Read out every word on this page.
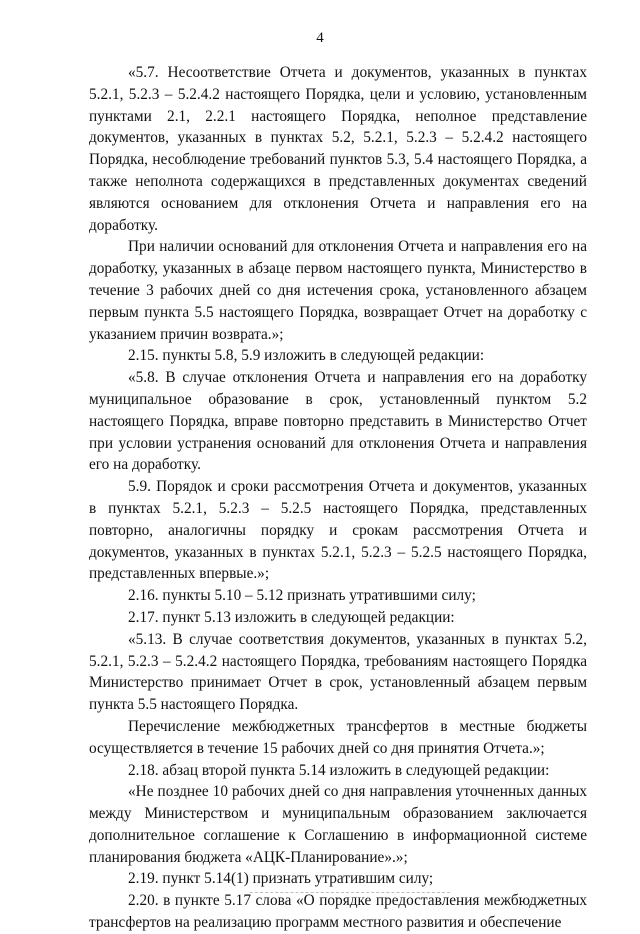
4

«5.7. Несоответствие Отчета и документов, указанных в пунктах 5.2.1, 5.2.3 – 5.2.4.2 настоящего Порядка, цели и условию, установленным пунктами 2.1, 2.2.1 настоящего Порядка, неполное представление документов, указанных в пунктах 5.2, 5.2.1, 5.2.3 – 5.2.4.2 настоящего Порядка, несоблюдение требований пунктов 5.3, 5.4 настоящего Порядка, а также неполнота содержащихся в представленных документах сведений являются основанием для отклонения Отчета и направления его на доработку.

При наличии оснований для отклонения Отчета и направления его на доработку, указанных в абзаце первом настоящего пункта, Министерство в течение 3 рабочих дней со дня истечения срока, установленного абзацем первым пункта 5.5 настоящего Порядка, возвращает Отчет на доработку с указанием причин возврата.»;

2.15. пункты 5.8, 5.9 изложить в следующей редакции:

«5.8. В случае отклонения Отчета и направления его на доработку муниципальное образование в срок, установленный пунктом 5.2 настоящего Порядка, вправе повторно представить в Министерство Отчет при условии устранения оснований для отклонения Отчета и направления его на доработку.

5.9. Порядок и сроки рассмотрения Отчета и документов, указанных в пунктах 5.2.1, 5.2.3 – 5.2.5 настоящего Порядка, представленных повторно, аналогичны порядку и срокам рассмотрения Отчета и документов, указанных в пунктах 5.2.1, 5.2.3 – 5.2.5 настоящего Порядка, представленных впервые.»;

2.16. пункты 5.10 – 5.12 признать утратившими силу;

2.17. пункт 5.13 изложить в следующей редакции:

«5.13. В случае соответствия документов, указанных в пунктах 5.2, 5.2.1, 5.2.3 – 5.2.4.2 настоящего Порядка, требованиям настоящего Порядка Министерство принимает Отчет в срок, установленный абзацем первым пункта 5.5 настоящего Порядка.

Перечисление межбюджетных трансфертов в местные бюджеты осуществляется в течение 15 рабочих дней со дня принятия Отчета.»;

2.18. абзац второй пункта 5.14 изложить в следующей редакции:

«Не позднее 10 рабочих дней со дня направления уточненных данных между Министерством и муниципальным образованием заключается дополнительное соглашение к Соглашению в информационной системе планирования бюджета «АЦК-Планирование».»;

2.19. пункт 5.14(1) признать утратившим силу;

2.20. в пункте 5.17 слова «О порядке предоставления межбюджетных трансфертов на реализацию программ местного развития и обеспечение
